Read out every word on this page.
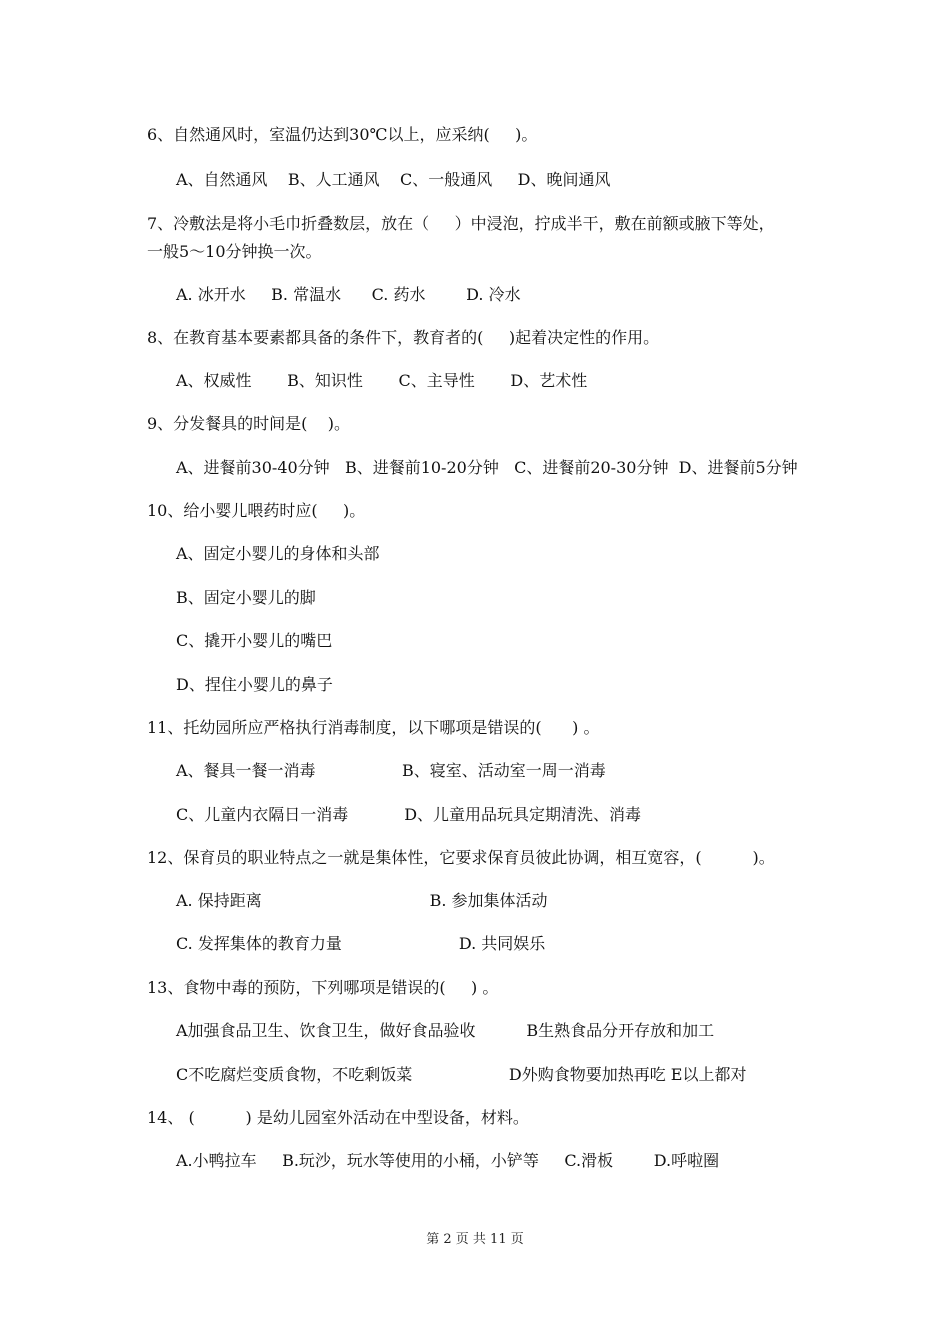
6、自然通风时，室温仍达到30℃以上，应采纳(     )。
A、自然通风    B、人工通风    C、一般通风     D、晚间通风
7、冷敷法是将小毛巾折叠数层，放在（     ）中浸泡，拧成半干，敷在前额或腋下等处，
一般5～10分钟换一次。
A. 冰开水     B. 常温水      C. 药水        D. 冷水
8、在教育基本要素都具备的条件下，教育者的(     )起着决定性的作用。
A、权威性       B、知识性       C、主导性       D、艺术性
9、分发餐具的时间是(    )。
A、进餐前30-40分钟   B、进餐前10-20分钟   C、进餐前20-30分钟  D、进餐前5分钟
10、给小婴儿喂药时应(     )。
A、固定小婴儿的身体和头部
B、固定小婴儿的脚
C、撬开小婴儿的嘴巴
D、捏住小婴儿的鼻子
11、托幼园所应严格执行消毒制度，以下哪项是错误的(      ) 。
A、餐具一餐一消毒                 B、寝室、活动室一周一消毒
C、儿童内衣隔日一消毒           D、儿童用品玩具定期清洗、消毒
12、保育员的职业特点之一就是集体性，它要求保育员彼此协调，相互宽容，(          )。
A. 保持距离                                 B. 参加集体活动
C. 发挥集体的教育力量                       D. 共同娱乐
13、食物中毒的预防，下列哪项是错误的(     ) 。
A加强食品卫生、饮食卫生，做好食品验收          B生熟食品分开存放和加工
C不吃腐烂变质食物，不吃剩饭菜                   D外购食物要加热再吃 E以上都对
14、 (          ) 是幼儿园室外活动在中型设备，材料。
A.小鸭拉车     B.玩沙，玩水等使用的小桶，小铲等     C.滑板        D.呼啦圈
第 2 页 共 11 页
